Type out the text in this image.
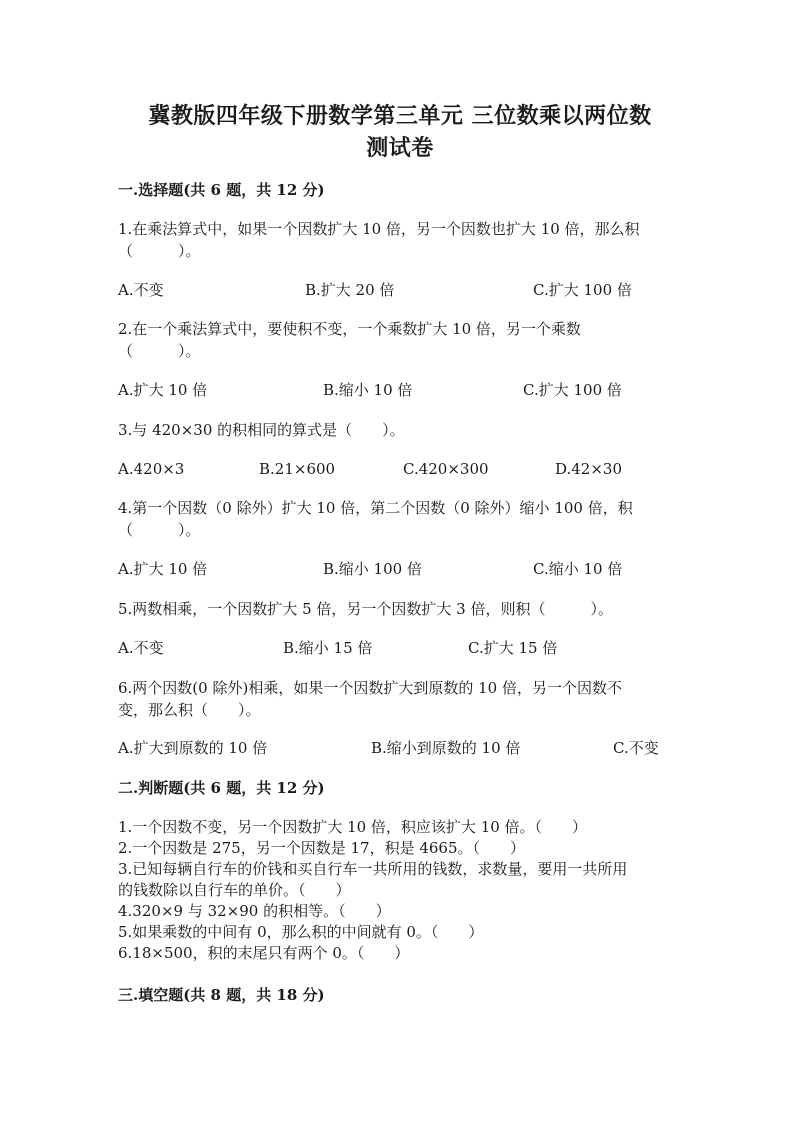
冀教版四年级下册数学第三单元 三位数乘以两位数
测试卷
一.选择题(共 6 题，共 12 分)
1.在乘法算式中，如果一个因数扩大 10 倍，另一个因数也扩大 10 倍，那么积
（　　　）。
A.不变	B.扩大 20 倍	C.扩大 100 倍
2.在一个乘法算式中，要使积不变，一个乘数扩大 10 倍，另一个乘数
（　　　）。
A.扩大 10 倍	B.缩小 10 倍	C.扩大 100 倍
3.与 420×30 的积相同的算式是（　　）。
A.420×3	B.21×600	C.420×300	D.42×30
4.第一个因数（0 除外）扩大 10 倍，第二个因数（0 除外）缩小 100 倍，积
（　　　）。
A.扩大 10 倍	B.缩小 100 倍	C.缩小 10 倍
5.两数相乘，一个因数扩大 5 倍，另一个因数扩大 3 倍，则积（　　　）。
A.不变	B.缩小 15 倍	C.扩大 15 倍
6.两个因数(0 除外)相乘，如果一个因数扩大到原数的 10 倍，另一个因数不
变，那么积（　　）。
A.扩大到原数的 10 倍	B.缩小到原数的 10 倍	C.不变
二.判断题(共 6 题，共 12 分)
1.一个因数不变，另一个因数扩大 10 倍，积应该扩大 10 倍。（　　）
2.一个因数是 275，另一个因数是 17，积是 4665。（　　）
3.已知每辆自行车的价钱和买自行车一共所用的钱数，求数量，要用一共所用
的钱数除以自行车的单价。（　　）
4.320×9 与 32×90 的积相等。（　　）
5.如果乘数的中间有 0，那么积的中间就有 0。（　　）
6.18×500，积的末尾只有两个 0。（　　）
三.填空题(共 8 题，共 18 分)
